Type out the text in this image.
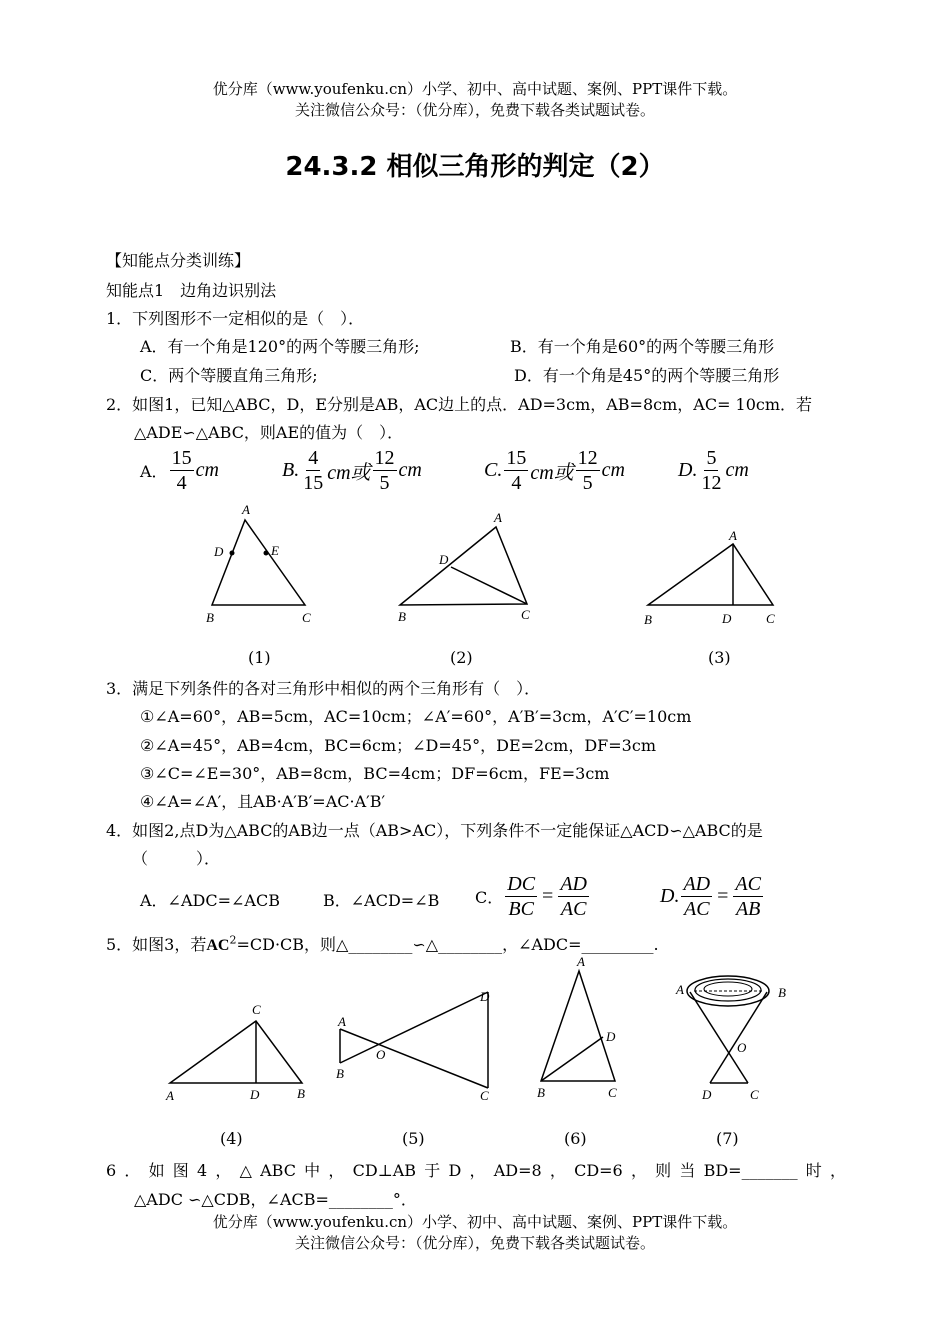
优分库（www.youfenku.cn）小学、初中、高中试题、案例、PPT课件下载。
关注微信公众号：（优分库），免费下载各类试题试卷。
24.3.2 相似三角形的判定（2）
【知能点分类训练】
知能点1　边角边识别法
1．下列图形不一定相似的是（　）．
A．有一个角是120°的两个等腰三角形;	B．有一个角是60°的两个等腰三角形
C．两个等腰直角三角形;	D．有一个角是45°的两个等腰三角形
2．如图1，已知△ABC，D，E分别是AB，AC边上的点．AD=3cm，AB=8cm，AC= 10cm．若
△ADE∽△ABC，则AE的值为（　）．
A． $\frac{15}{4}$ cm	B. $\frac{4}{15}$ cm或 $\frac{12}{5}$ cm	C. $\frac{15}{4}$ cm或 $\frac{12}{5}$ cm	D. $\frac{5}{12}$ cm
A
D	E
B	C
A
D
B	C
A
B	D	C
(1)	(2)	(3)
3．满足下列条件的各对三角形中相似的两个三角形有（　）．
①∠A=60°，AB=5cm，AC=10cm；∠A′=60°，A′B′=3cm，A′C′=10cm
②∠A=45°，AB=4cm，BC=6cm；∠D=45°，DE=2cm，DF=3cm
③∠C=∠E=30°，AB=8cm，BC=4cm；DF=6cm，FE=3cm
④∠A=∠A′，且AB·A′B′=AC·A′B′
4．如图2,点D为△ABC的AB边一点（AB>AC），下列条件不一定能保证△ACD∽△ABC的是
（　　　）．
A．∠ADC=∠ACB	B．∠ACD=∠B C． $\frac{DC}{BC} = \frac{AD}{AC}$	D. $\frac{AD}{AC} = \frac{AC}{AB}$
5．如图3，若$AC^2=CD\cdot CB$，则△________∽△________，∠ADC=_________.
C
A	D	B
A
B
O
D
C
A
D
B	C
A	B
O
D	C
(4)	(5)	(6)	(7)
6．如图4，△ABC中，CD⊥AB于D，AD=8，CD=6，则当BD=_______时，
△ADC ∽△CDB，∠ACB=________°．
优分库（www.youfenku.cn）小学、初中、高中试题、案例、PPT课件下载。
关注微信公众号：（优分库），免费下载各类试题试卷。
